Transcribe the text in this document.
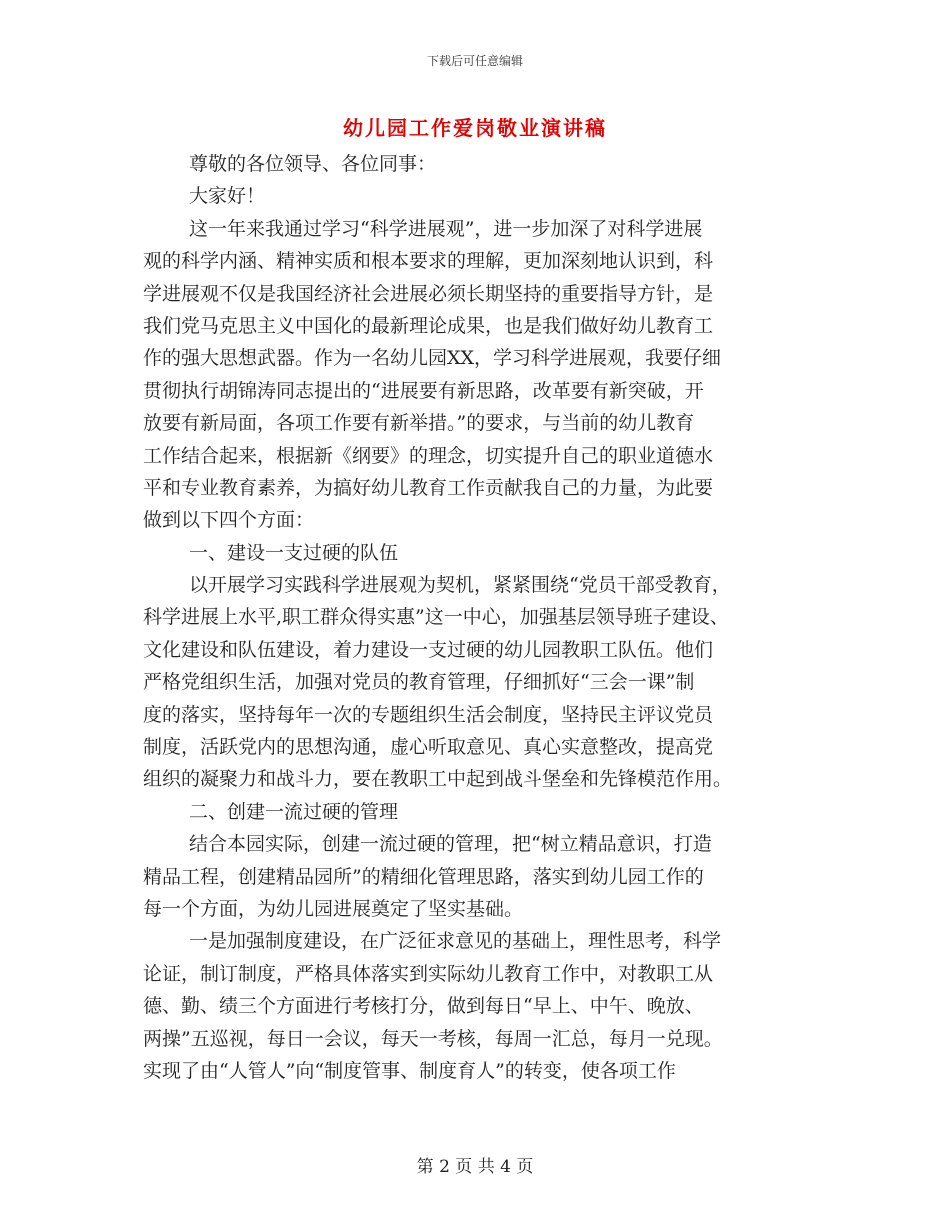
下载后可任意编辑
幼儿园工作爱岗敬业演讲稿
尊敬的各位领导、各位同事：
大家好！
这一年来我通过学习“科学进展观”，进一步加深了对科学进展
观的科学内涵、精神实质和根本要求的理解，更加深刻地认识到，科
学进展观不仅是我国经济社会进展必须长期坚持的重要指导方针，是
我们党马克思主义中国化的最新理论成果，也是我们做好幼儿教育工
作的强大思想武器。作为一名幼儿园XX，学习科学进展观，我要仔细
贯彻执行胡锦涛同志提出的“进展要有新思路，改革要有新突破，开
放要有新局面，各项工作要有新举措。”的要求，与当前的幼儿教育
工作结合起来，根据新《纲要》的理念，切实提升自己的职业道德水
平和专业教育素养，为搞好幼儿教育工作贡献我自己的力量，为此要
做到以下四个方面：
一、建设一支过硬的队伍
以开展学习实践科学进展观为契机，紧紧围绕“党员干部受教育，
科学进展上水平,职工群众得实惠”这一中心，加强基层领导班子建设、
文化建设和队伍建设，着力建设一支过硬的幼儿园教职工队伍。他们
严格党组织生活，加强对党员的教育管理，仔细抓好“三会一课”制
度的落实，坚持每年一次的专题组织生活会制度，坚持民主评议党员
制度，活跃党内的思想沟通，虚心听取意见、真心实意整改，提高党
组织的凝聚力和战斗力，要在教职工中起到战斗堡垒和先锋模范作用。
二、创建一流过硬的管理
结合本园实际，创建一流过硬的管理，把“树立精品意识，打造
精品工程，创建精品园所”的精细化管理思路，落实到幼儿园工作的
每一个方面，为幼儿园进展奠定了坚实基础。
一是加强制度建设，在广泛征求意见的基础上，理性思考，科学
论证，制订制度，严格具体落实到实际幼儿教育工作中，对教职工从
德、勤、绩三个方面进行考核打分，做到每日“早上、中午、晚放、
两操”五巡视，每日一会议，每天一考核，每周一汇总，每月一兑现。
实现了由“人管人”向“制度管事、制度育人”的转变，使各项工作
第 2 页 共 4 页
